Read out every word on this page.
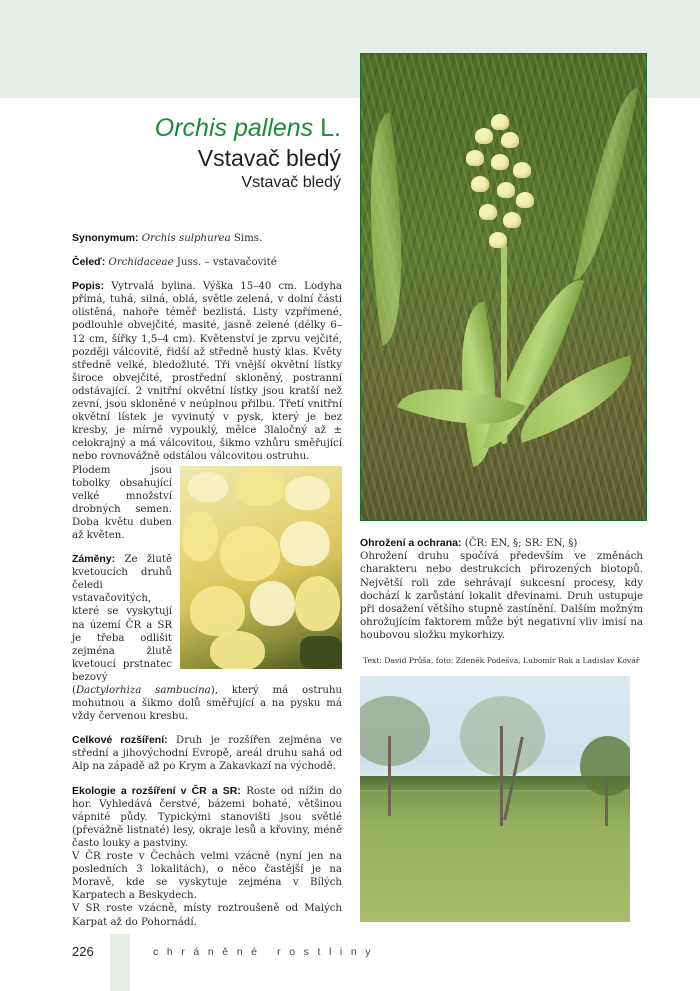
Orchis pallens L.
Vstavač bledý
Vstavač bledý

Synonymum: Orchis sulphurea Sims.

Čeleď: Orchidaceae Juss. – vstavačovité

Popis: Vytrvalá bylina. Výška 15–40 cm. Lodyha přímá, tuhá, silná, oblá, světle zelená, v dolní části olistěná, nahoře téměř bezlistá. Listy vzpřímené, podlouhle obvejčité, masité, jasně zelené (délky 6–12 cm, šířky 1,5–4 cm). Květenství je zprvu vejčité, později válcovité, řidší až středně hustý klas. Květy středně velké, bledožluté. Tři vnější okvětní lístky široce obvejčité, prostřední skloněný, postranní odstávající. 2 vnitřní okvětní lístky jsou kratší než zevní, jsou skloněné v neúplnou přilbu. Třetí vnitřní okvětní lístek je vyvinutý v pysk, který je bez kresby, je mírně vypouklý, mělce 3laločný až ± celokrajný a má válcovitou, šikmo vzhůru směřující nebo rovnovážně odstálou válcovitou ostruhu.

Plodem jsou tobolky obsahující velké množství drobných semen. Doba květu duben až květen.

Záměny: Ze žlutě kvetoucích druhů čeledi vstavačovitých, které se vyskytují na území ČR a SR je třeba odlišit zejména žlutě kvetoucí prstnatec bezový (Dactylorhiza sambucina), který má ostruhu mohutnou a šikmo dolů směřující a na pysku má vždy červenou kresbu.

Celkové rozšíření: Druh je rozšířen zejména ve střední a jihovýchodní Evropě, areál druhu sahá od Alp na západě až po Krym a Zakavkazí na východě.

Ekologie a rozšíření v ČR a SR: Roste od nížin do hor. Vyhledává čerstvé, bázemi bohaté, většinou vápnité půdy. Typickými stanovišti jsou světlé (převážně listnaté) lesy, okraje lesů a křoviny, méně často louky a pastviny.

V ČR roste v Čechách velmi vzácně (nyní jen na posledních 3 lokalitách), o něco častější je na Moravě, kde se vyskytuje zejména v Bílých Karpatech a Beskydech.

V SR roste vzácně, místy roztroušeně od Malých Karpat až do Pohornádí.

Ohrožení a ochrana: (ČR: EN, §; SR: EN, §)

Ohrožení druhu spočívá především ve změnách charakteru nebo destrukcích přirozených biotopů. Největší roli zde sehrávají sukcesní procesy, kdy dochází k zarůstání lokalit dřevinami. Druh ustupuje při dosažení většího stupně zastínění. Dalším možným ohrožujícím faktorem může být negativní vliv imisí na houbovou složku mykorhizy.

Text: David Průša, foto: Zdeněk Podešva, Lubomír Rak a Ladislav Kovář
226	chráněné rostliny
